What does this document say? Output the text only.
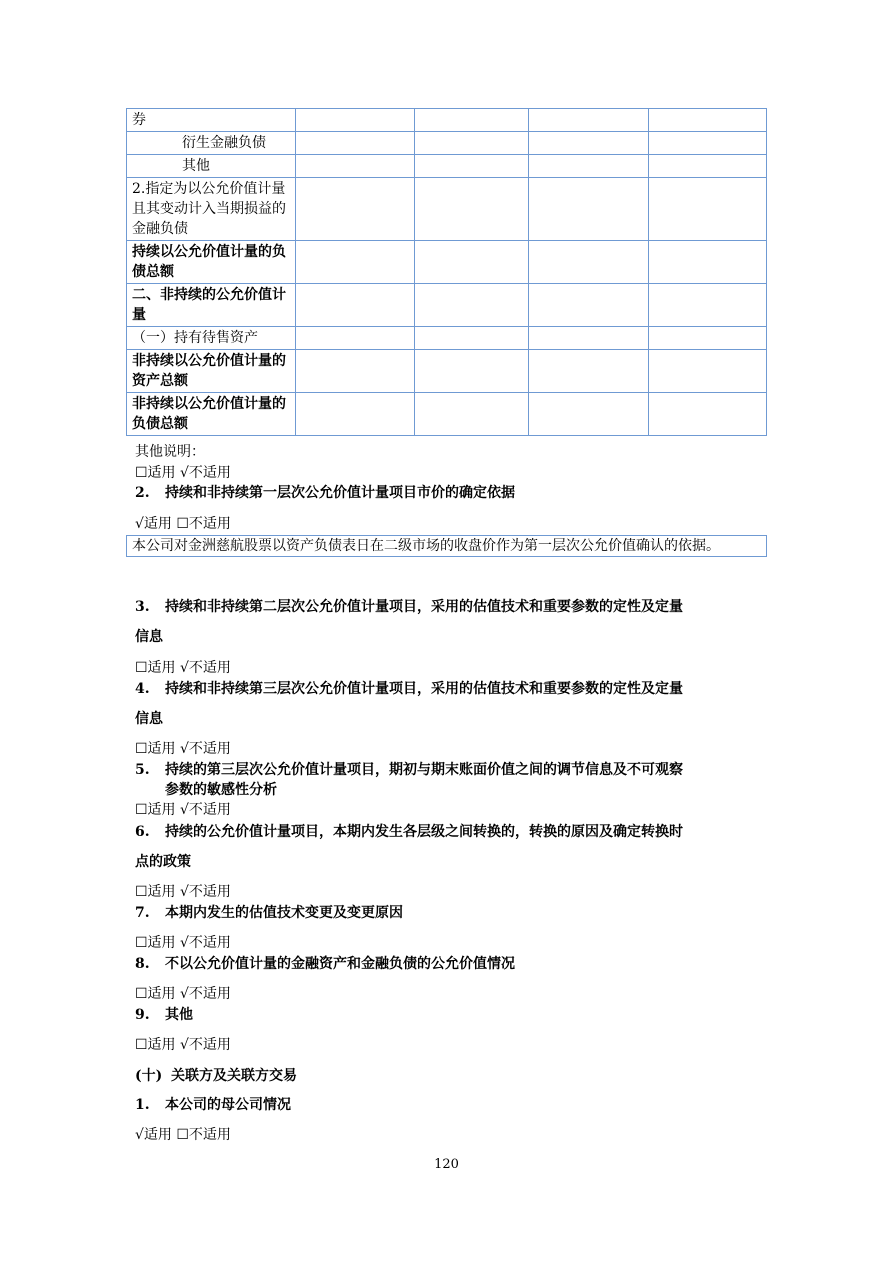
券				
衍生金融负债				
其他				
2.指定为以公允价值计量且其变动计入当期损益的金融负债				
持续以公允价值计量的负债总额				
二、非持续的公允价值计量				
（一）持有待售资产				
非持续以公允价值计量的资产总额				
非持续以公允价值计量的负债总额				
其他说明：
☐适用 √不适用
2. 持续和非持续第一层次公允价值计量项目市价的确定依据
√适用 ☐不适用
本公司对金洲慈航股票以资产负债表日在二级市场的收盘价作为第一层次公允价值确认的依据。
3. 持续和非持续第二层次公允价值计量项目，采用的估值技术和重要参数的定性及定量
信息
☐适用 √不适用
4. 持续和非持续第三层次公允价值计量项目，采用的估值技术和重要参数的定性及定量
信息
☐适用 √不适用
5. 持续的第三层次公允价值计量项目，期初与期末账面价值之间的调节信息及不可观察
参数的敏感性分析
☐适用 √不适用
6. 持续的公允价值计量项目，本期内发生各层级之间转换的，转换的原因及确定转换时
点的政策
☐适用 √不适用
7. 本期内发生的估值技术变更及变更原因
☐适用 √不适用
8. 不以公允价值计量的金融资产和金融负债的公允价值情况
☐适用 √不适用
9. 其他
☐适用 √不适用
(十) 关联方及关联方交易
1. 本公司的母公司情况
√适用 ☐不适用
120
